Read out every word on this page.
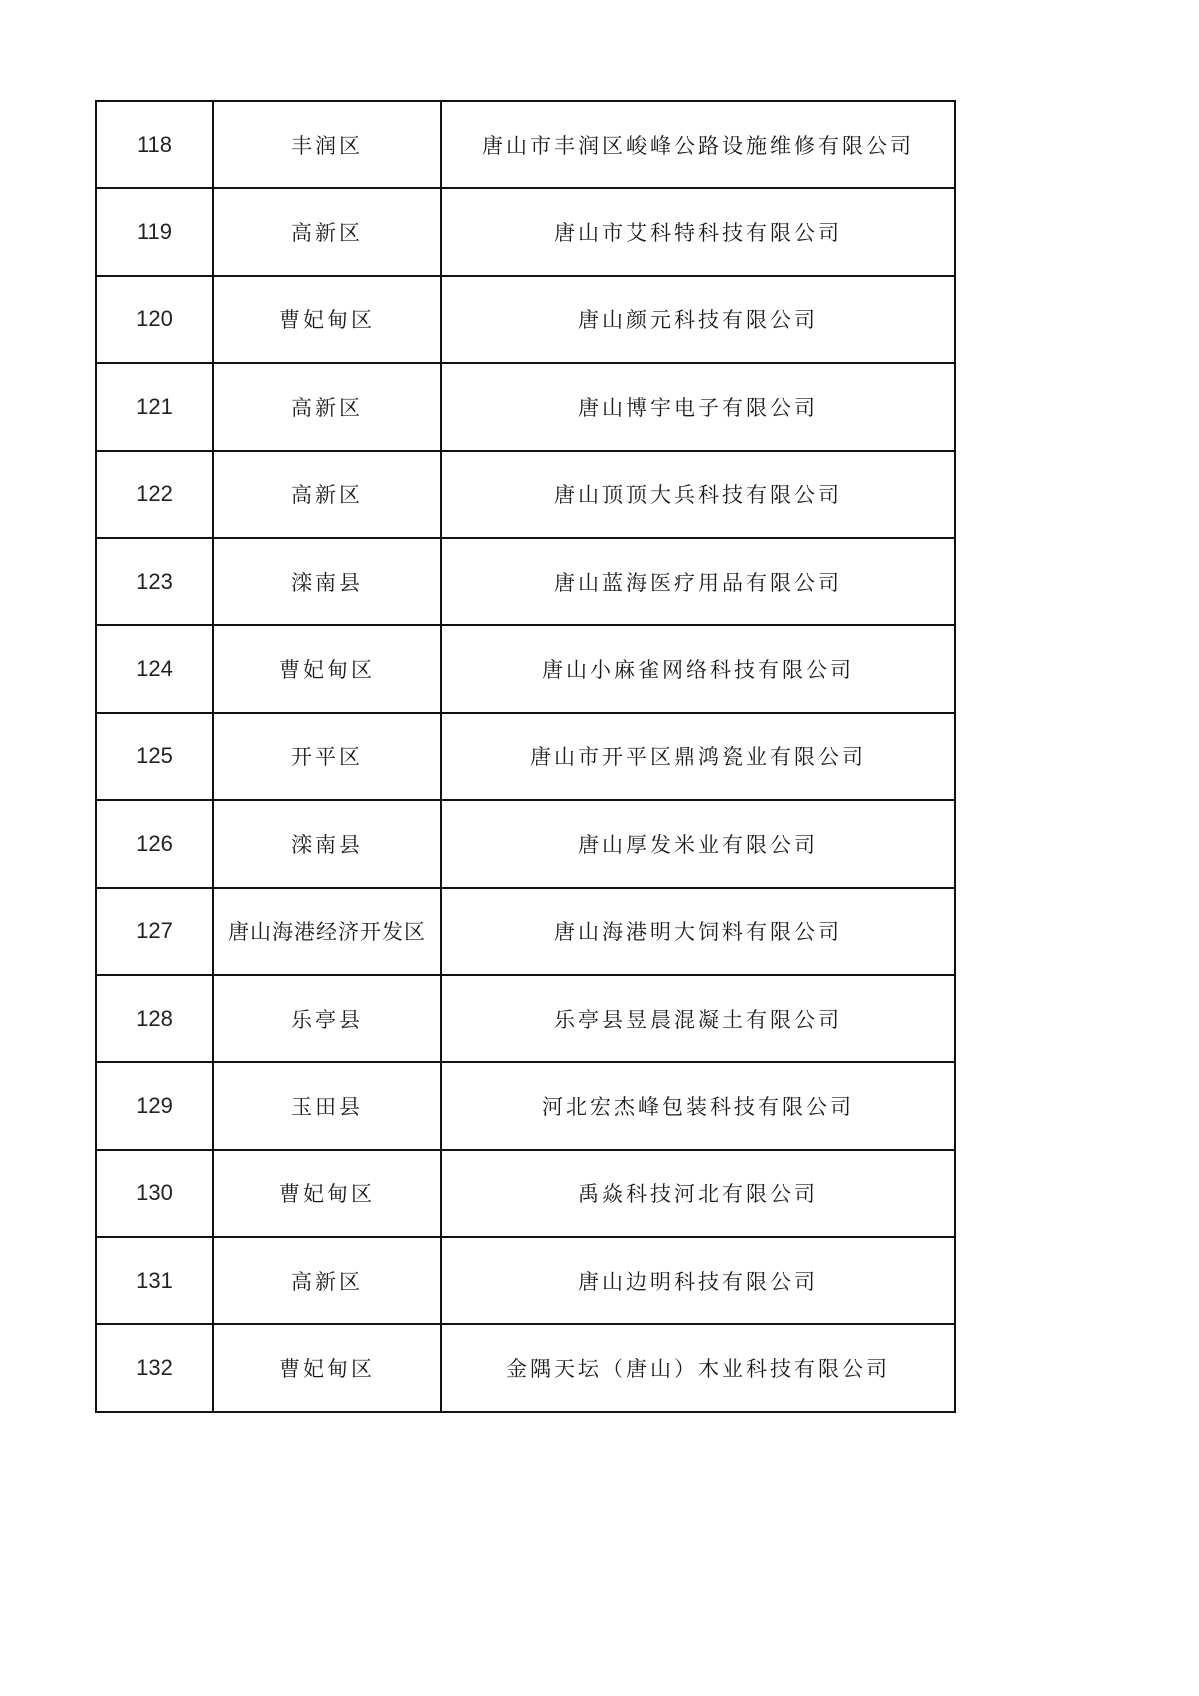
118	丰润区	唐山市丰润区峻峰公路设施维修有限公司
119	高新区	唐山市艾科特科技有限公司
120	曹妃甸区	唐山颜元科技有限公司
121	高新区	唐山博宇电子有限公司
122	高新区	唐山顶顶大兵科技有限公司
123	滦南县	唐山蓝海医疗用品有限公司
124	曹妃甸区	唐山小麻雀网络科技有限公司
125	开平区	唐山市开平区鼎鸿瓷业有限公司
126	滦南县	唐山厚发米业有限公司
127	唐山海港经济开发区	唐山海港明大饲料有限公司
128	乐亭县	乐亭县昱晨混凝土有限公司
129	玉田县	河北宏杰峰包装科技有限公司
130	曹妃甸区	禹焱科技河北有限公司
131	高新区	唐山边明科技有限公司
132	曹妃甸区	金隅天坛（唐山）木业科技有限公司
